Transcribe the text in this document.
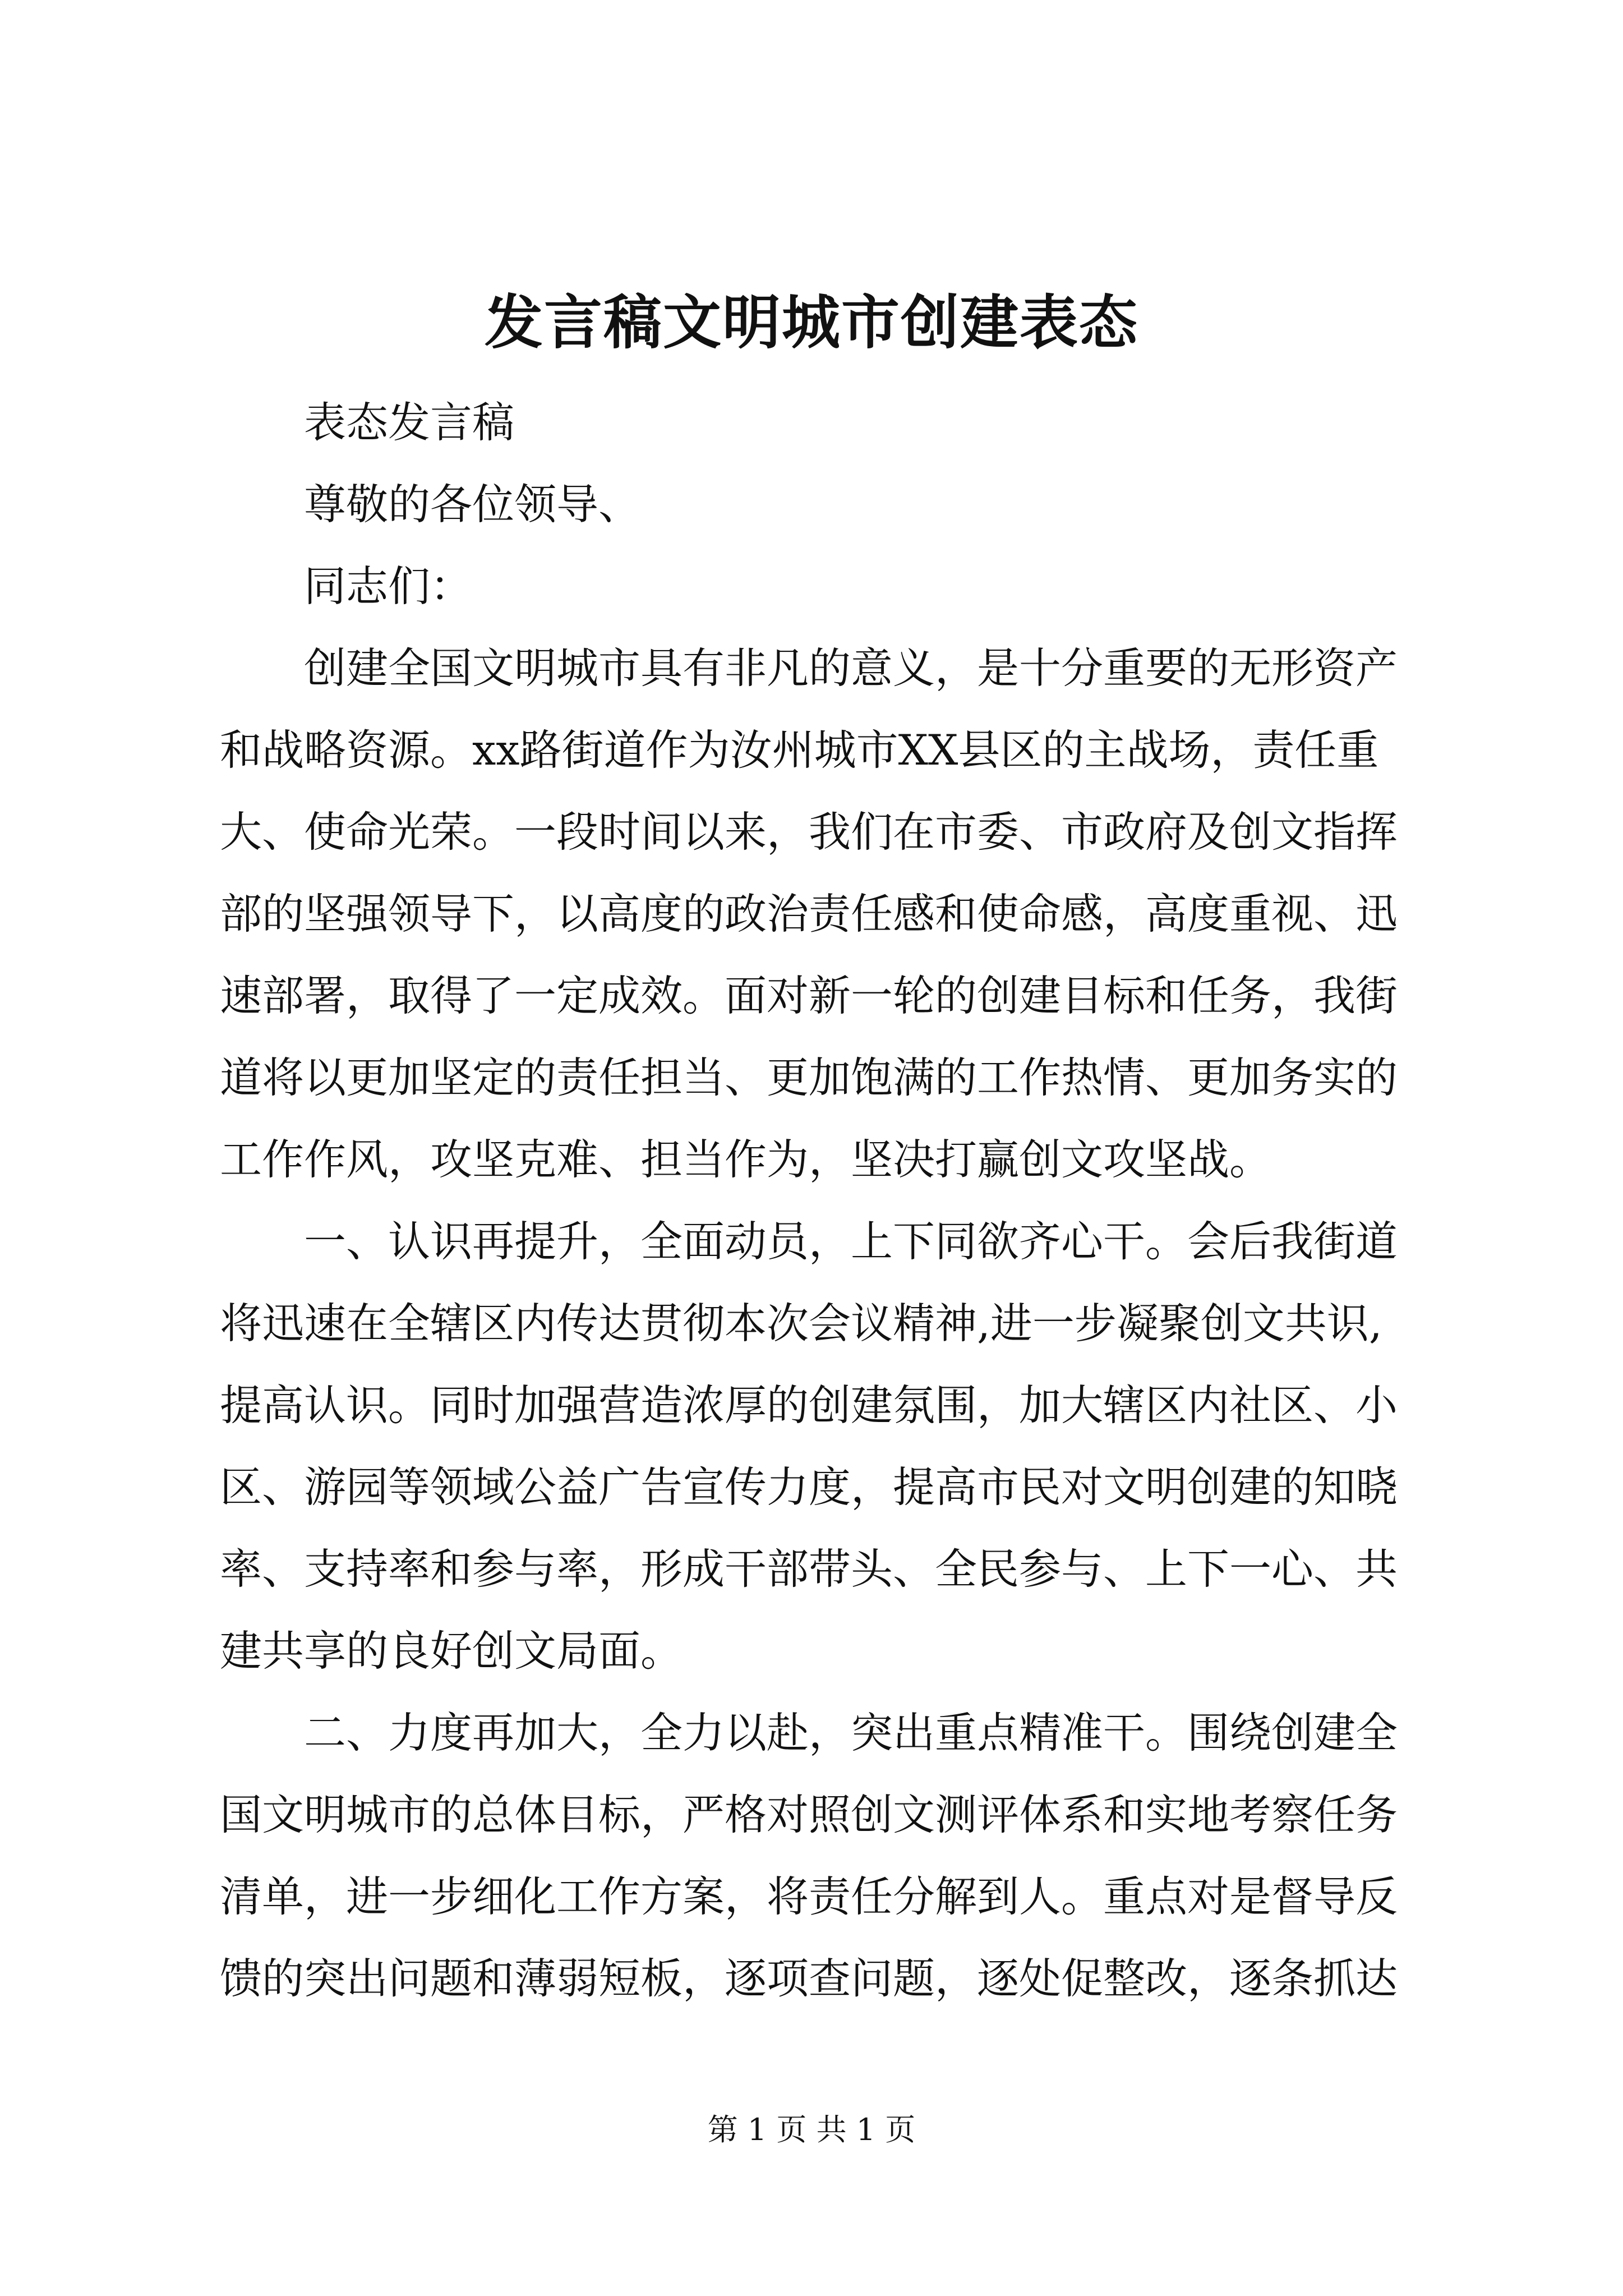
发言稿文明城市创建表态
表态发言稿
尊敬的各位领导、
同志们：
创建全国文明城市具有非凡的意义，是十分重要的无形资产
和战略资源。xx路街道作为汝州城市XX县区的主战场，责任重
大、使命光荣。一段时间以来，我们在市委、市政府及创文指挥
部的坚强领导下，以高度的政治责任感和使命感，高度重视、迅
速部署，取得了一定成效。面对新一轮的创建目标和任务，我街
道将以更加坚定的责任担当、更加饱满的工作热情、更加务实的
工作作风，攻坚克难、担当作为，坚决打赢创文攻坚战。
一、认识再提升，全面动员，上下同欲齐心干。会后我街道
将迅速在全辖区内传达贯彻本次会议精神,进一步凝聚创文共识,
提高认识。同时加强营造浓厚的创建氛围，加大辖区内社区、小
区、游园等领域公益广告宣传力度，提高市民对文明创建的知晓
率、支持率和参与率，形成干部带头、全民参与、上下一心、共
建共享的良好创文局面。
二、力度再加大，全力以赴，突出重点精准干。围绕创建全
国文明城市的总体目标，严格对照创文测评体系和实地考察任务
清单，进一步细化工作方案，将责任分解到人。重点对是督导反
馈的突出问题和薄弱短板，逐项查问题，逐处促整改，逐条抓达
第 1 页 共 1 页
